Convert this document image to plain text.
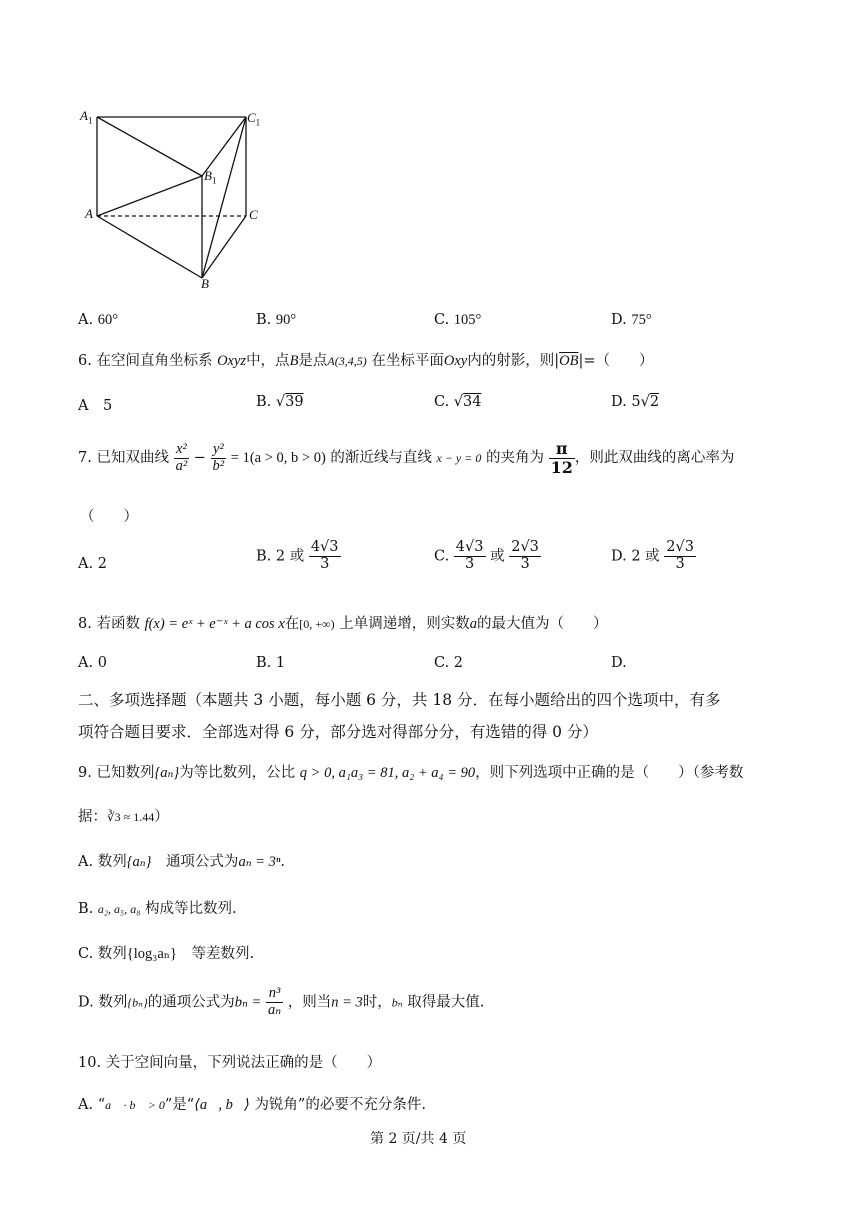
$A_1$	$C_1$
$B_1$
A	C
B
A. 60°	B. 90°	C. 105°	D. 75°
6. 在空间直角坐标系 Oxyz中，点B是点A(3,4,5) 在坐标平面Oxy内的射影，则$|\overline{OB}|=$（　　）
A　5	B. √39	C. √34	D. 5√2
7. 已知双曲线 $\frac{\text{x²}}{\text{a²}} - \frac{\text{y²}}{\text{b²}} = 1(a > 0$, b > 0) 的渐近线与直线 x − y = 0 的夹角为 $\frac{\pi}{12}$ ，则此双曲线的离心率为
（　　）
A. 2	B. 2 或 $\frac{4√3}{3}$	C. $\frac{4√3}{3}$ 或 $\frac{2√3}{3}$	D. 2 或 $\frac{2√3}{3}$
8. 若函数 f(x) = eˣ + e⁻ˣ + a cos x在[0, +∞) 上单调递增，则实数a的最大值为（　　）
A. 0	B. 1	C. 2	D.
二、多项选择题（本题共 3 小题，每小题 6 分，共 18 分．在每小题给出的四个选项中，有多
项符合题目要求．全部选对得 6 分，部分选对得部分分，有选错的得 0 分）
9. 已知数列{aₙ}为等比数列，公比 q > 0, a₁a₃ = 81, a₂ + a₄ = 90，则下列选项中正确的是（　　）（参考数
据：∛3 ≈ 1.44）
A. 数列{aₙ}　 通项公式为aₙ = 3ⁿ.
B. a₂, a₅, a₈ 构成等比数列.
C. 数列{log₃aₙ}　 等差数列.
D. 数列{bₙ}的通项公式为$b_n = \frac{\text{n³}}{\text{aₙ}}$ ，则当n = 3时，bₙ 取得最大值.
10. 关于空间向量，下列说法正确的是（　　）
A. “a⃗ · b⃗ > 0”是“⟨a⃗, b⃗⟩ 为锐角”的必要不充分条件.
第 2 页/共 4 页
